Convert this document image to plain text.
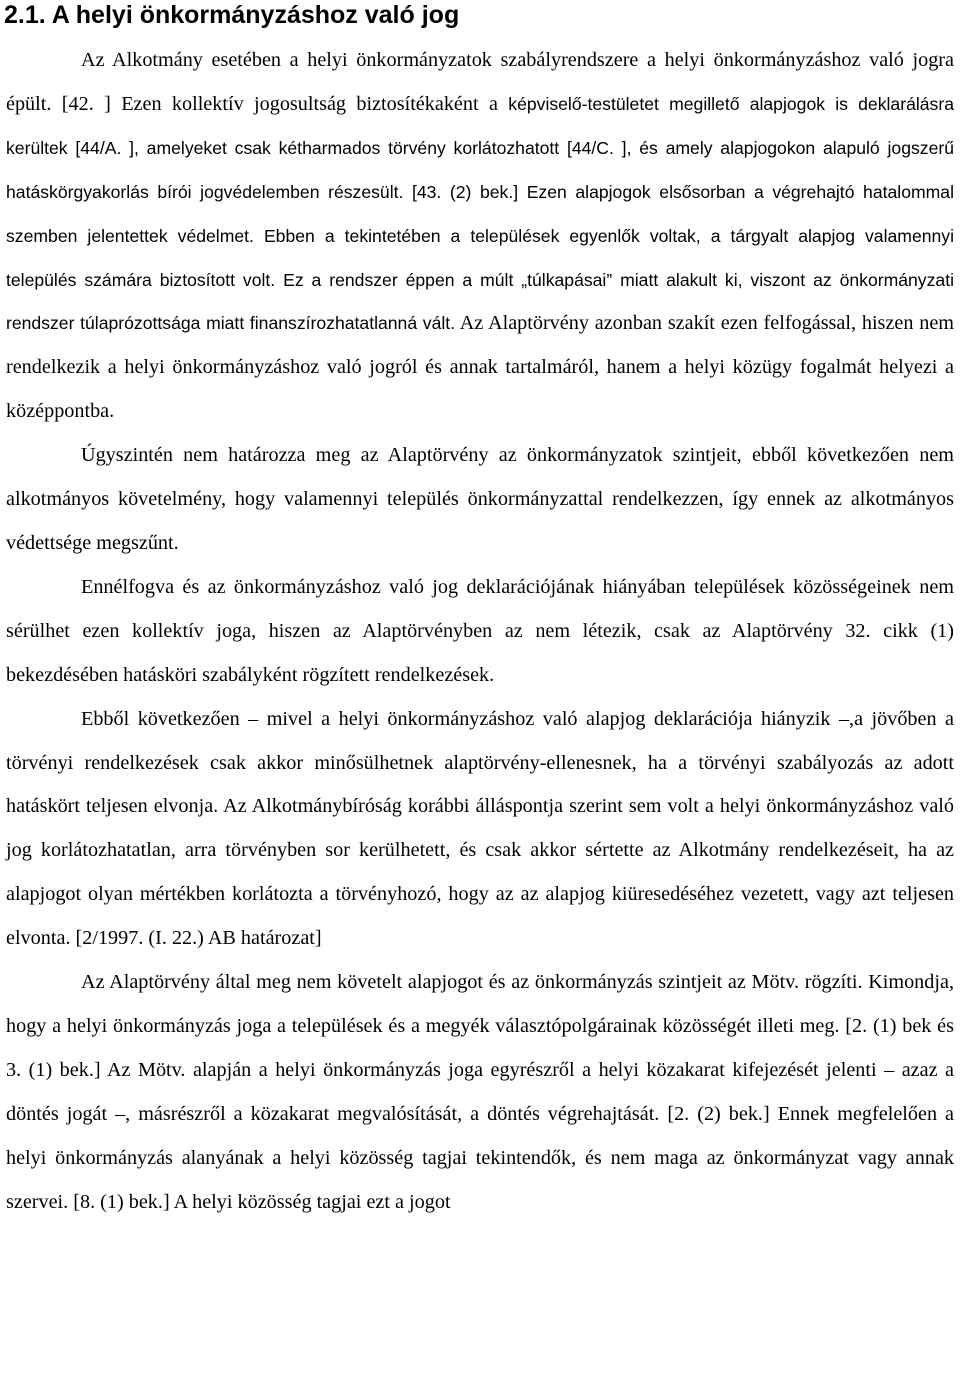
2.1. A helyi önkormányzáshoz való jog

Az Alkotmány esetében a helyi önkormányzatok szabályrendszere a helyi önkormányzáshoz való jogra épült. [42. ] Ezen kollektív jogosultság biztosítékaként a képviselő-testületet megillető alapjogok is deklarálásra kerültek [44/A. ], amelyeket csak kétharmados törvény korlátozhatott [44/C. ], és amely alapjogokon alapuló jogszerű hatáskörgyakorlás bírói jogvédelemben részesült. [43. (2) bek.] Ezen alapjogok elsősorban a végrehajtó hatalommal szemben jelentettek védelmet. Ebben a tekintetében a települések egyenlők voltak, a tárgyalt alapjog valamennyi település számára biztosított volt. Ez a rendszer éppen a múlt „túlkapásai” miatt alakult ki, viszont az önkormányzati rendszer túlaprózottsága miatt finanszírozhatatlanná vált. Az Alaptörvény azonban szakít ezen felfogással, hiszen nem rendelkezik a helyi önkormányzáshoz való jogról és annak tartalmáról, hanem a helyi közügy fogalmát helyezi a középpontba.

Úgyszintén nem határozza meg az Alaptörvény az önkormányzatok szintjeit, ebből következően nem alkotmányos követelmény, hogy valamennyi település önkormányzattal rendelkezzen, így ennek az alkotmányos védettsége megszűnt.

Ennélfogva és az önkormányzáshoz való jog deklarációjának hiányában települések közösségeinek nem sérülhet ezen kollektív joga, hiszen az Alaptörvényben az nem létezik, csak az Alaptörvény 32. cikk (1) bekezdésében hatásköri szabályként rögzített rendelkezések.

Ebből következően – mivel a helyi önkormányzáshoz való alapjog deklarációja hiányzik –,a jövőben a törvényi rendelkezések csak akkor minősülhetnek alaptörvény-ellenesnek, ha a törvényi szabályozás az adott hatáskört teljesen elvonja. Az Alkotmánybíróság korábbi álláspontja szerint sem volt a helyi önkormányzáshoz való jog korlátozhatatlan, arra törvényben sor kerülhetett, és csak akkor sértette az Alkotmány rendelkezéseit, ha az alapjogot olyan mértékben korlátozta a törvényhozó, hogy az az alapjog kiüresedéséhez vezetett, vagy azt teljesen elvonta. [2/1997. (I. 22.) AB határozat]

Az Alaptörvény által meg nem követelt alapjogot és az önkormányzás szintjeit az Mötv. rögzíti. Kimondja, hogy a helyi önkormányzás joga a települések és a megyék választópolgárainak közösségét illeti meg. [2. (1) bek és 3. (1) bek.] Az Mötv. alapján a helyi önkormányzás joga egyrészről a helyi közakarat kifejezését jelenti – azaz a döntés jogát –, másrészről a közakarat megvalósítását, a döntés végrehajtását. [2. (2) bek.] Ennek megfelelően a helyi önkormányzás alanyának a helyi közösség tagjai tekintendők, és nem maga az önkormányzat vagy annak szervei. [8. (1) bek.] A helyi közösség tagjai ezt a jogot
